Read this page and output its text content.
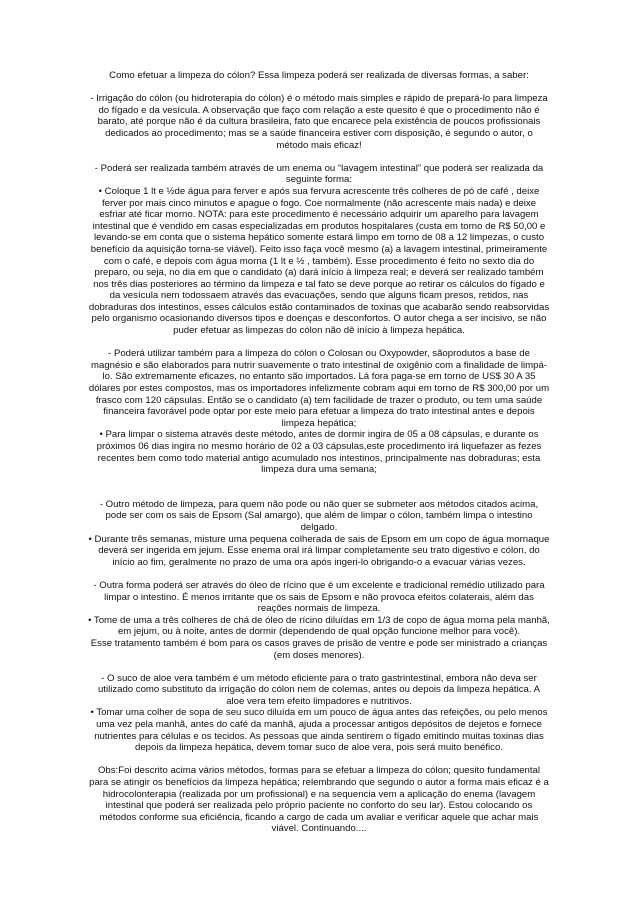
Como efetuar a limpeza do cólon? Essa limpeza poderá ser realizada de diversas formas, a saber:

- Irrigação do cólon (ou hidroterapia do cólon) é o método mais simples e rápido de prepará-lo para limpeza do fígado e da vesícula. A observação que faço com relação a este quesito é que o procedimento não é barato, até porque não é da cultura brasileira, fato que encarece pela existência de poucos profissionais dedicados ao procedimento; mas se a saúde financeira estiver com disposição, é segundo o autor, o método mais eficaz!

- Poderá ser realizada também através de um enema ou “lavagem intestinal” que poderá ser realizada da seguinte forma:

• Coloque 1 lt e ½de água para ferver e após sua fervura acrescente três colheres de pó de café , deixe ferver por mais cinco minutos e apague o fogo. Coe normalmente (não acrescente mais nada) e deixe esfriar até ficar morno. NOTA: para este procedimento é necessário adquirir um aparelho para lavagem intestinal que é vendido em casas especializadas em produtos hospitalares (custa em torno de R$ 50,00 e levando-se em conta que o sistema hepático somente estará limpo em torno de 08 a 12 limpezas, o custo benefício da aquisição torna-se viável). Feito isso faça você mesmo (a) a lavagem intestinal, primeiramente com o café, e depois com água morna (1 lt e ½ , também). Esse procedimento é feito no sexto dia do preparo, ou seja, no dia em que o candidato (a) dará início à limpeza real; e deverá ser realizado também nos três dias posteriores ao término da limpeza e tal fato se deve porque ao retirar os cálculos do fígado e da vesícula nem todossaem através das evacuações, sendo que alguns ficam presos, retidos, nas dobraduras dos intestinos, esses cálculos estão contaminados de toxinas que acabarão sendo reabsorvidas pelo organismo ocasionando diversos tipos e doenças e desconfortos. O autor chega a ser incisivo, se não puder efetuar as limpezas do cólon não dê início à limpeza hepática.

- Poderá utilizar também para a limpeza do cólon o Colosan ou Oxypowder, sãoprodutos a base de magnésio e são elaborados para nutrir suavemente o trato intestinal de oxigênio com a finalidade de limpá-lo. São extremamente eficazes, no entanto são importados. Lá fora paga-se em torno de US$ 30 A 35 dólares por estes compostos, mas os importadores infelizmente cobram aqui em torno de R$ 300,00 por um frasco com 120 cápsulas. Então se o candidato (a) tem facilidade de trazer o produto, ou tem uma saúde financeira favorável pode optar por este meio para efetuar a limpeza do trato intestinal antes e depois limpeza hepática;

• Para limpar o sistema através deste método, antes de dormir ingira de 05 a 08 cápsulas, e durante os próximos 06 dias ingira no mesmo horário de 02 a 03 cápsulas,este procedimento irá liquefazer as fezes recentes bem como todo material antigo acumulado nos intestinos, principalmente nas dobraduras; esta limpeza dura uma semana;

- Outro método de limpeza, para quem não pode ou não quer se submeter aos métodos citados acima, pode ser com os sais de Epsom (Sal amargo), que além de limpar o cólon, também limpa o intestino delgado.

• Durante três semanas, misture uma pequena colherada de sais de Epsom em um copo de água mornaque deverá ser ingerida em jejum. Esse enema oral irá limpar completamente seu trato digestivo e cólon, do início ao fim, geralmente no prazo de uma ora após ingeri-lo obrigando-o a evacuar várias vezes.

- Outra forma poderá ser através do óleo de rícino que é um excelente e tradicional remédio utilizado para limpar o intestino. É menos irritante que os sais de Epsom e não provoca efeitos colaterais, além das reações normais de limpeza.

• Tome de uma a três colheres de chá de óleo de rícino diluídas em 1/3 de copo de água morna pela manhã, em jejum, ou à noite, antes de dormir (dependendo de qual opção funcione melhor para você).

Esse tratamento também é bom para os casos graves de prisão de ventre e pode ser ministrado a crianças (em doses menores).

- O suco de aloe vera também é um método eficiente para o trato gastrintestinal, embora não deva ser utilizado como substituto da irrigação do cólon nem de colemas, antes ou depois da limpeza hepática. A aloe vera tem efeito limpadores e nutritivos.

• Tomar uma colher de sopa de seu suco diluída em um pouco de água antes das refeições, ou pelo menos uma vez pela manhã, antes do café da manhã, ajuda a processar antigos depósitos de dejetos e fornece nutrientes para células e os tecidos. As pessoas que ainda sentirem o fígado emitindo muitas toxinas dias depois da limpeza hepática, devem tomar suco de aloe vera, pois será muito benéfico.

Obs:Foi descrito acima vários métodos, formas para se efetuar a limpeza do cólon; quesito fundamental para se atingir os benefícios da limpeza hepática; relembrando que segundo o autor a forma mais eficaz é a hidrocolonterapia (realizada por um profissional) e na sequencia vem a aplicação do enema (lavagem intestinal que poderá ser realizada pelo próprio paciente no conforto do seu lar). Estou colocando os métodos conforme sua eficiência, ficando a cargo de cada um avaliar e verificar aquele que achar mais viável. Continuando....
